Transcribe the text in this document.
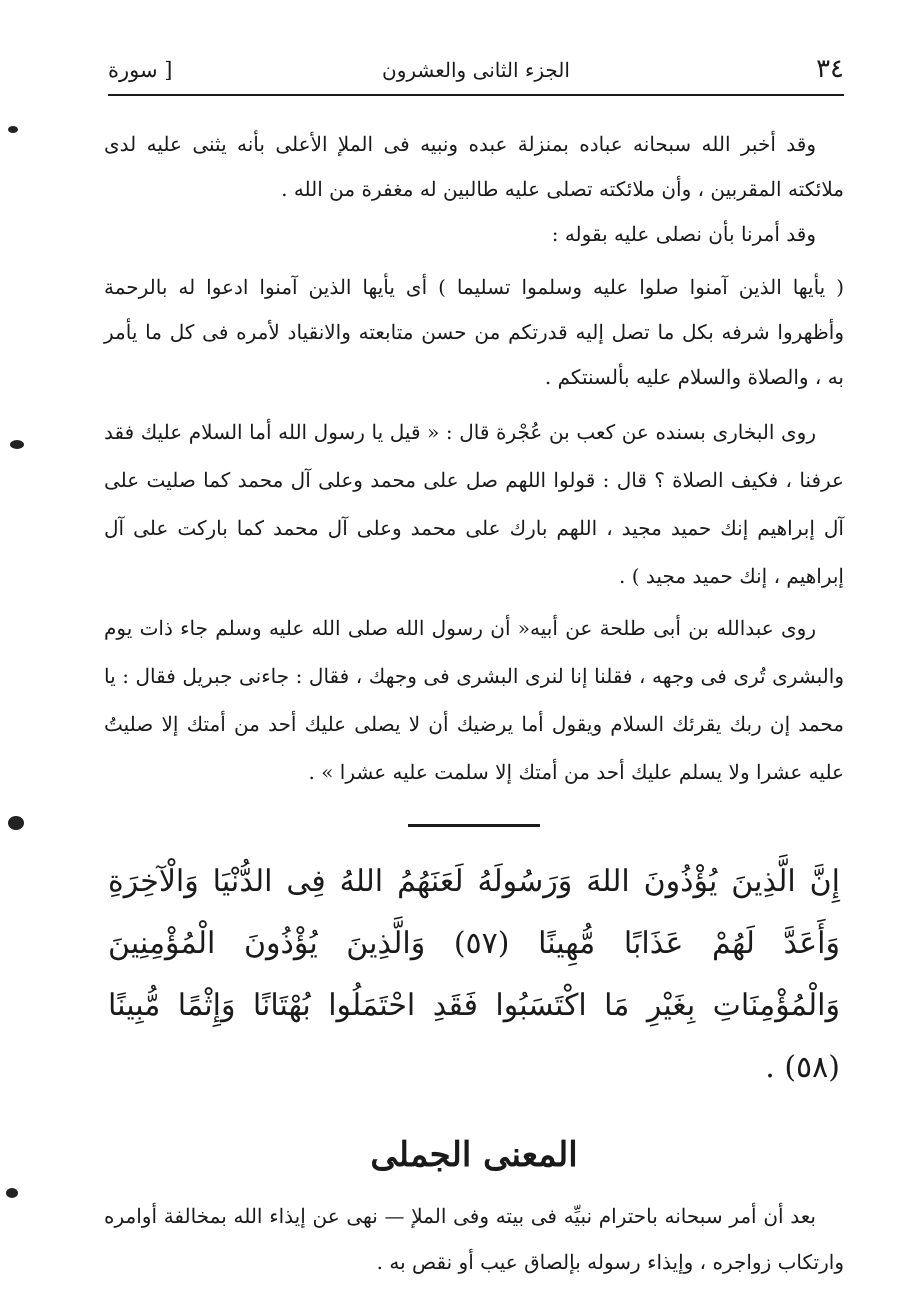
٣٤
الجزء الثانى والعشرون
[ سورة

وقد أخبر الله سبحانه عباده بمنزلة عبده ونبيه فى الملإ الأعلى بأنه يثنى عليه لدى ملائكته المقربين ، وأن ملائكته تصلى عليه طالبين له مغفرة من الله .

وقد أمرنا بأن نصلى عليه بقوله :

( يأيها الذين آمنوا صلوا عليه وسلموا تسليما ) أى يأيها الذين آمنوا ادعوا له بالرحمة وأظهروا شرفه بكل ما تصل إليه قدرتكم من حسن متابعته والانقياد لأمره فى كل ما يأمر به ، والصلاة والسلام عليه بألسنتكم .

روى البخارى بسنده عن كعب بن عُجْرة قال : « قيل يا رسول الله أما السلام عليك فقد عرفنا ، فكيف الصلاة ؟ قال : قولوا اللهم صل على محمد وعلى آل محمد كما صليت على آل إبراهيم إنك حميد مجيد ، اللهم بارك على محمد وعلى آل محمد كما باركت على آل إبراهيم ، إنك حميد مجيد ) .

روى عبدالله بن أبى طلحة عن أبيه« أن رسول الله صلى الله عليه وسلم جاء ذات يوم والبشرى تُرى فى وجهه ، فقلنا إنا لنرى البشرى فى وجهك ، فقال : جاءنى جبريل فقال : يا محمد إن ربك يقرئك السلام ويقول أما يرضيك أن لا يصلى عليك أحد من أمتك إلا صليتُ عليه عشرا ولا يسلم عليك أحد من أمتك إلا سلمت عليه عشرا » .

إِنَّ الَّذِينَ يُؤْذُونَ اللهَ وَرَسُولَهُ لَعَنَهُمُ اللهُ فِى الدُّنْيَا وَالْآخِرَةِ وَأَعَدَّ لَهُمْ عَذَابًا مُّهِينًا (٥٧) وَالَّذِينَ يُؤْذُونَ الْمُؤْمِنِينَ وَالْمُؤْمِنَاتِ بِغَيْرِ مَا اكْتَسَبُوا فَقَدِ احْتَمَلُوا بُهْتَانًا وَإِثْمًا مُّبِينًا (٥٨) .

المعنى الجملى

بعد أن أمر سبحانه باحترام نبيِّه فى بيته وفى الملإ — نهى عن إيذاء الله بمخالفة أوامره وارتكاب زواجره ، وإيذاء رسوله بإلصاق عيب أو نقص به .
